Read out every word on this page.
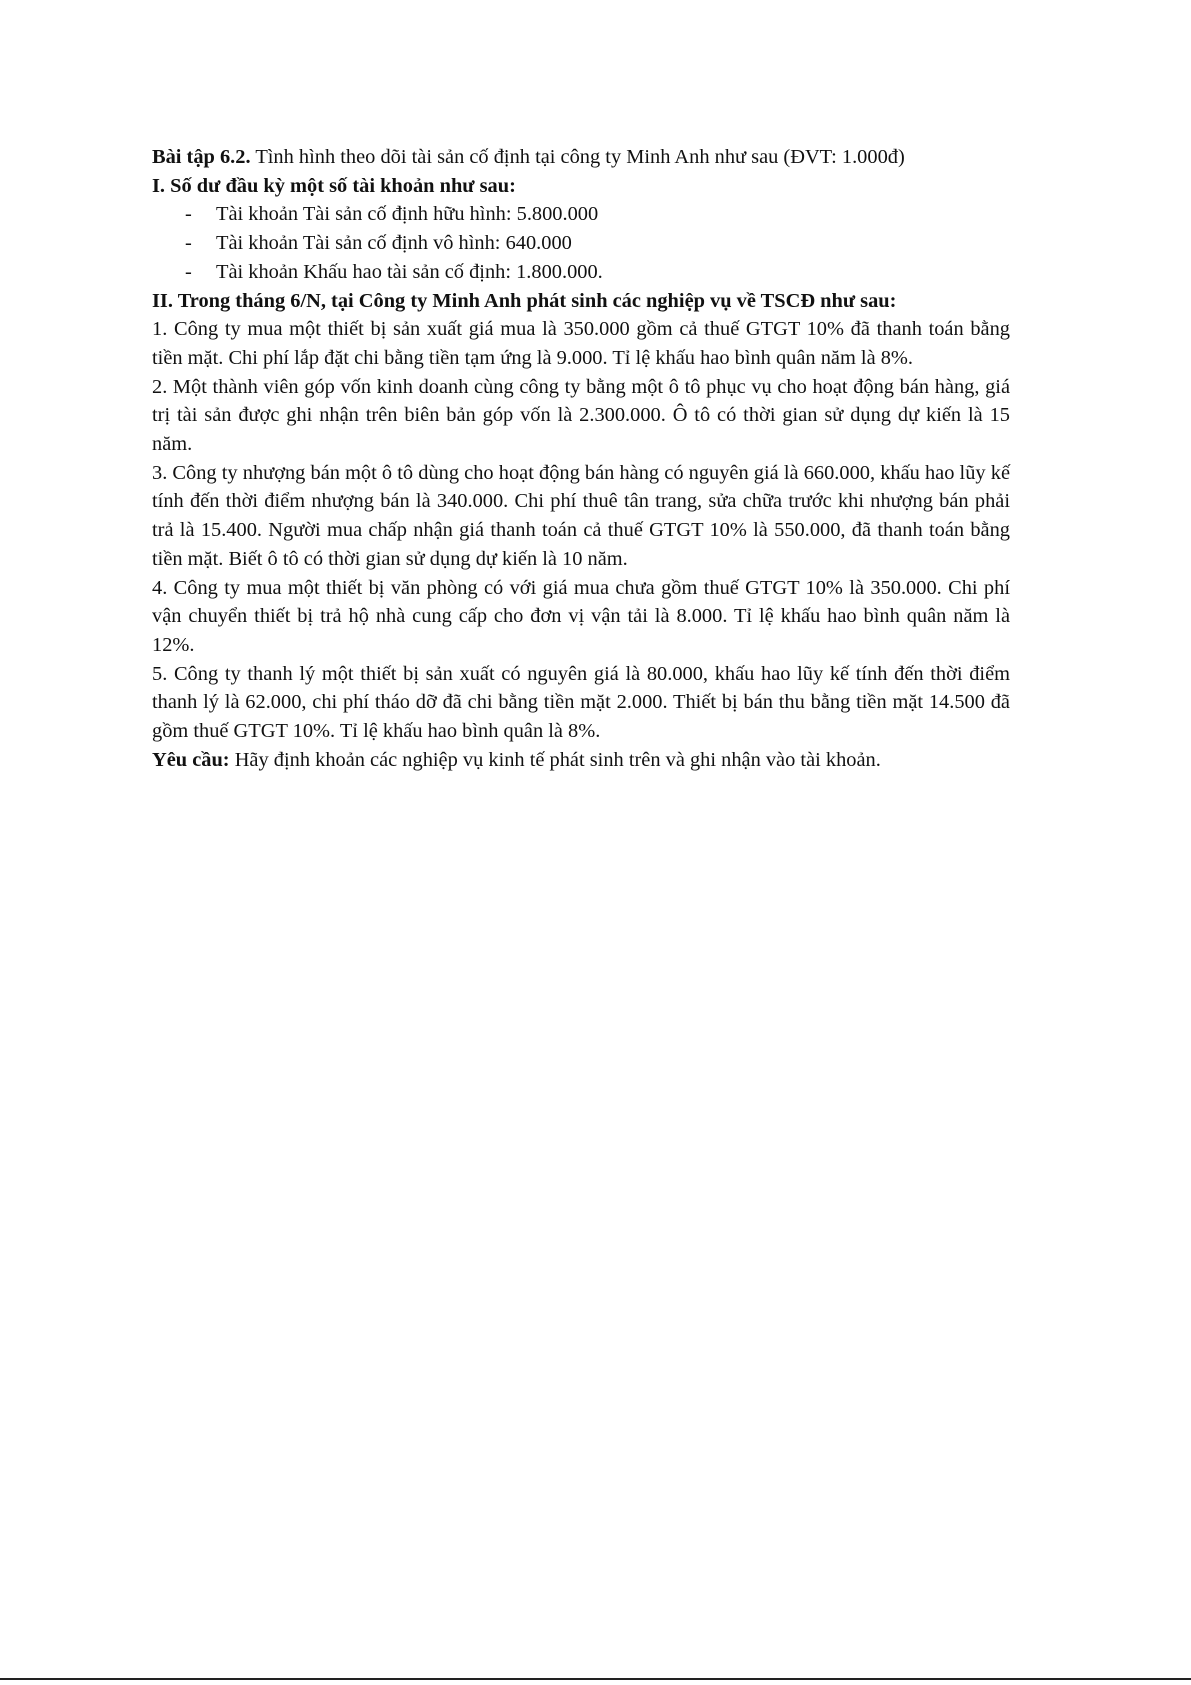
Bài tập 6.2. Tình hình theo dõi tài sản cố định tại công ty Minh Anh như sau (ĐVT: 1.000đ)

I. Số dư đầu kỳ một số tài khoản như sau:

- Tài khoản Tài sản cố định hữu hình: 5.800.000
- Tài khoản Tài sản cố định vô hình: 640.000
- Tài khoản Khấu hao tài sản cố định: 1.800.000.

II. Trong tháng 6/N, tại Công ty Minh Anh phát sinh các nghiệp vụ về TSCĐ như sau:

1. Công ty mua một thiết bị sản xuất giá mua là 350.000 gồm cả thuế GTGT 10% đã thanh toán bằng tiền mặt. Chi phí lắp đặt chi bằng tiền tạm ứng là 9.000. Tỉ lệ khấu hao bình quân năm là 8%.

2. Một thành viên góp vốn kinh doanh cùng công ty bằng một ô tô phục vụ cho hoạt động bán hàng, giá trị tài sản được ghi nhận trên biên bản góp vốn là 2.300.000. Ô tô có thời gian sử dụng dự kiến là 15 năm.

3. Công ty nhượng bán một ô tô dùng cho hoạt động bán hàng có nguyên giá là 660.000, khấu hao lũy kế tính đến thời điểm nhượng bán là 340.000. Chi phí thuê tân trang, sửa chữa trước khi nhượng bán phải trả là 15.400. Người mua chấp nhận giá thanh toán cả thuế GTGT 10% là 550.000, đã thanh toán bằng tiền mặt. Biết ô tô có thời gian sử dụng dự kiến là 10 năm.

4. Công ty mua một thiết bị văn phòng có với giá mua chưa gồm thuế GTGT 10% là 350.000. Chi phí vận chuyển thiết bị trả hộ nhà cung cấp cho đơn vị vận tải là 8.000. Tỉ lệ khấu hao bình quân năm là 12%.

5. Công ty thanh lý một thiết bị sản xuất có nguyên giá là 80.000, khấu hao lũy kế tính đến thời điểm thanh lý là 62.000, chi phí tháo dỡ đã chi bằng tiền mặt 2.000. Thiết bị bán thu bằng tiền mặt 14.500 đã gồm thuế GTGT 10%. Tỉ lệ khấu hao bình quân là 8%.

Yêu cầu: Hãy định khoản các nghiệp vụ kinh tế phát sinh trên và ghi nhận vào tài khoản.
